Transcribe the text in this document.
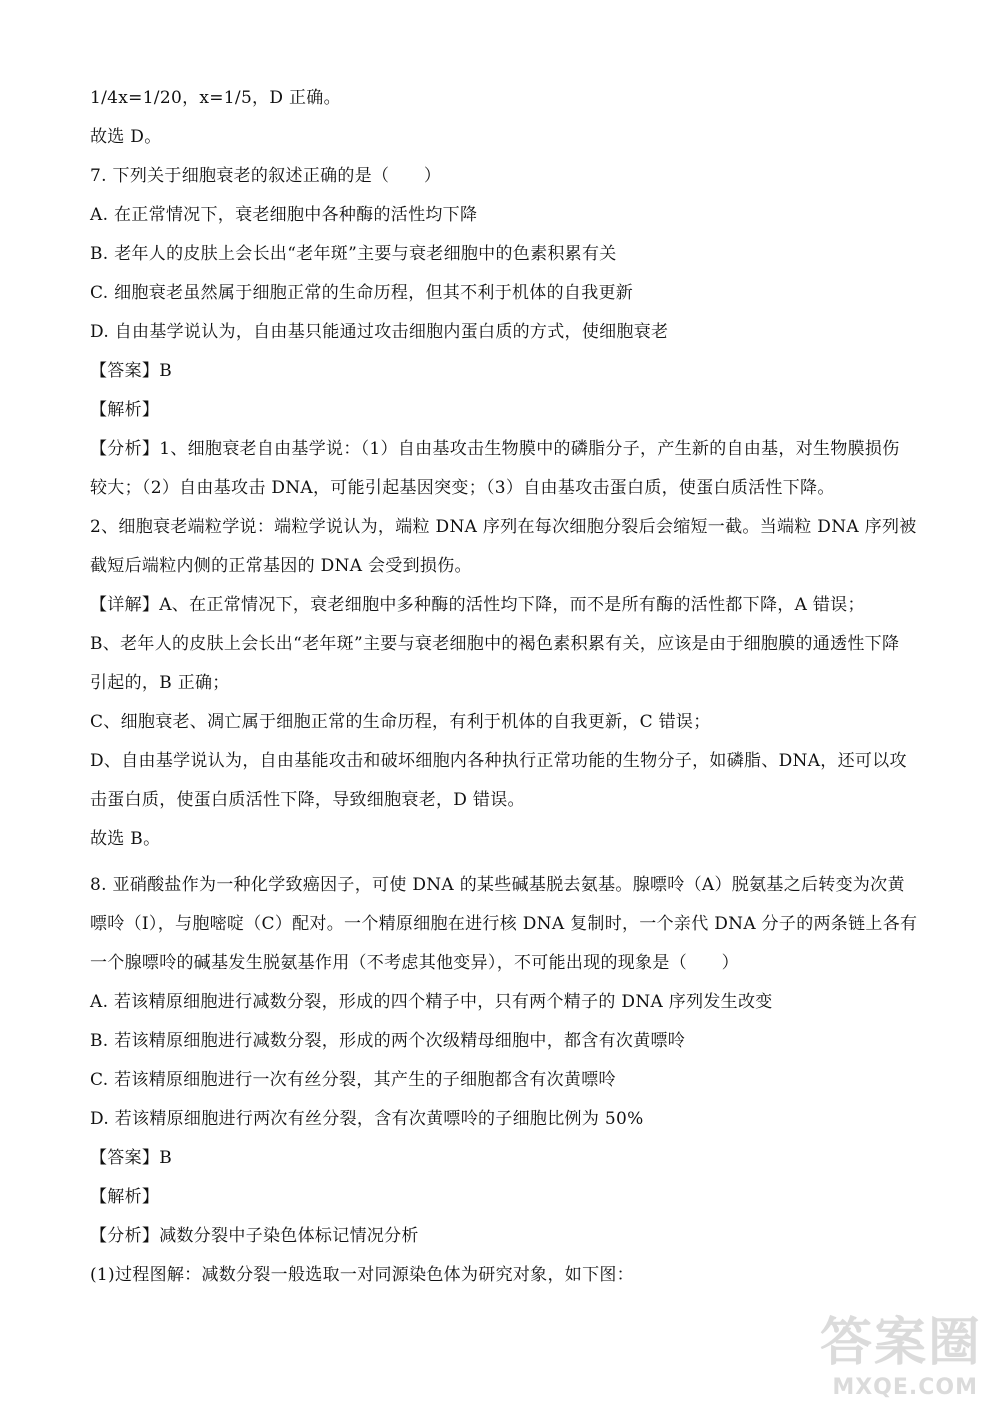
1/4x=1/20，x=1/5，D 正确。
故选 D。
7. 下列关于细胞衰老的叙述正确的是（　　）
A. 在正常情况下，衰老细胞中各种酶的活性均下降
B. 老年人的皮肤上会长出“老年斑”主要与衰老细胞中的色素积累有关
C. 细胞衰老虽然属于细胞正常的生命历程，但其不利于机体的自我更新
D. 自由基学说认为，自由基只能通过攻击细胞内蛋白质的方式，使细胞衰老
【答案】B
【解析】
【分析】1、细胞衰老自由基学说：（1）自由基攻击生物膜中的磷脂分子，产生新的自由基，对生物膜损伤
较大；（2）自由基攻击 DNA，可能引起基因突变；（3）自由基攻击蛋白质，使蛋白质活性下降。
2、细胞衰老端粒学说：端粒学说认为，端粒 DNA 序列在每次细胞分裂后会缩短一截。当端粒 DNA 序列被
截短后端粒内侧的正常基因的 DNA 会受到损伤。
【详解】A、在正常情况下，衰老细胞中多种酶的活性均下降，而不是所有酶的活性都下降，A 错误；
B、老年人的皮肤上会长出“老年斑”主要与衰老细胞中的褐色素积累有关，应该是由于细胞膜的通透性下降
引起的，B 正确；
C、细胞衰老、凋亡属于细胞正常的生命历程，有利于机体的自我更新，C 错误；
D、自由基学说认为，自由基能攻击和破坏细胞内各种执行正常功能的生物分子，如磷脂、DNA，还可以攻
击蛋白质，使蛋白质活性下降，导致细胞衰老，D 错误。
故选 B。
8. 亚硝酸盐作为一种化学致癌因子，可使 DNA 的某些碱基脱去氨基。腺嘌呤（A）脱氨基之后转变为次黄
嘌呤（I），与胞嘧啶（C）配对。一个精原细胞在进行核 DNA 复制时，一个亲代 DNA 分子的两条链上各有
一个腺嘌呤的碱基发生脱氨基作用（不考虑其他变异），不可能出现的现象是（　　）
A. 若该精原细胞进行减数分裂，形成的四个精子中，只有两个精子的 DNA 序列发生改变
B. 若该精原细胞进行减数分裂，形成的两个次级精母细胞中，都含有次黄嘌呤
C. 若该精原细胞进行一次有丝分裂，其产生的子细胞都含有次黄嘌呤
D. 若该精原细胞进行两次有丝分裂，含有次黄嘌呤的子细胞比例为 50%
【答案】B
【解析】
【分析】减数分裂中子染色体标记情况分析
(1)过程图解：减数分裂一般选取一对同源染色体为研究对象，如下图：
答案圈
MXQE.COM
